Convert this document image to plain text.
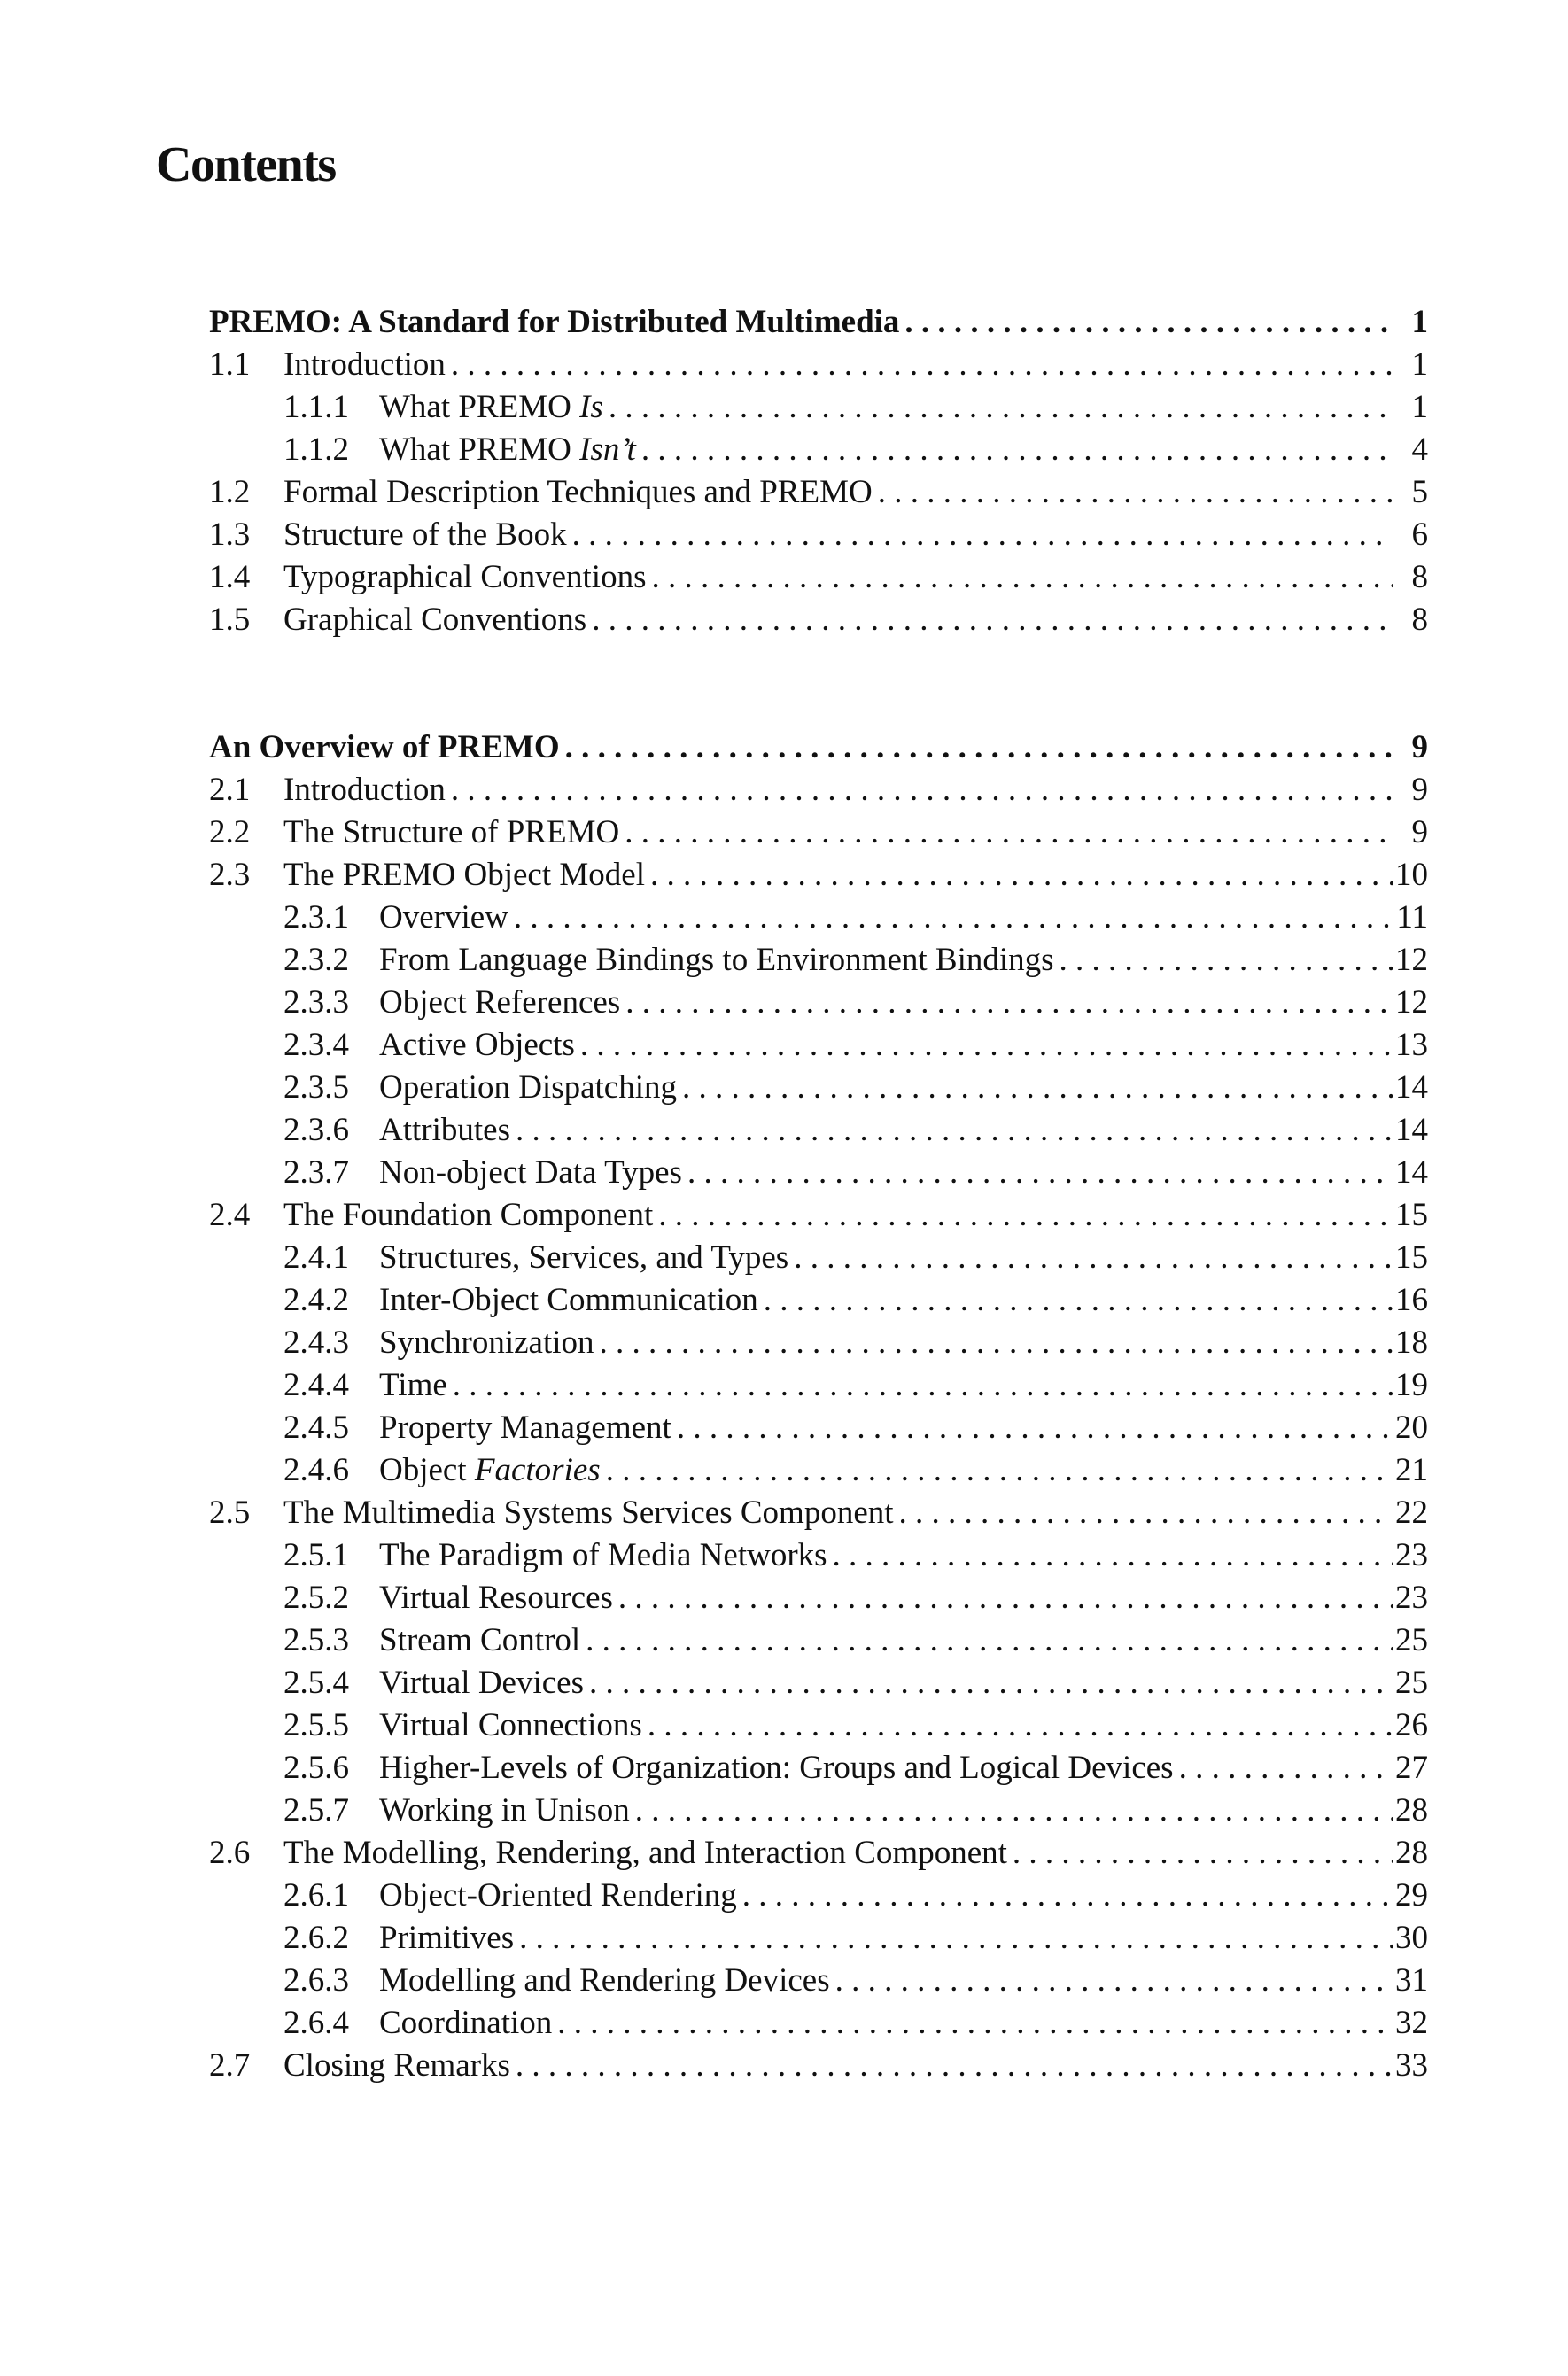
Contents
PREMO: A Standard for Distributed Multimedia . . .	1
1.1	Introduction . . .	1
1.1.1 What PREMO Is . . .	1
1.1.2 What PREMO Isn’t . . .	4
1.2	Formal Description Techniques and PREMO . . .	5
1.3	Structure of the Book . . .	6
1.4	Typographical Conventions . . .	8
1.5	Graphical Conventions . . .	8
An Overview of PREMO . . .	9
2.1	Introduction . . .	9
2.2	The Structure of PREMO . . .	9
2.3	The PREMO Object Model . . .	10
2.3.1 Overview . . .	11
2.3.2 From Language Bindings to Environment Bindings . . .	12
2.3.3 Object References . . .	12
2.3.4 Active Objects . . .	13
2.3.5 Operation Dispatching . . .	14
2.3.6 Attributes . . .	14
2.3.7 Non-object Data Types . . .	14
2.4	The Foundation Component . . .	15
2.4.1 Structures, Services, and Types . . .	15
2.4.2 Inter-Object Communication . . .	16
2.4.3 Synchronization . . .	18
2.4.4 Time . . .	19
2.4.5 Property Management . . .	20
2.4.6 Object Factories . . .	21
2.5	The Multimedia Systems Services Component . . .	22
2.5.1 The Paradigm of Media Networks . . .	23
2.5.2 Virtual Resources . . .	23
2.5.3 Stream Control . . .	25
2.5.4 Virtual Devices . . .	25
2.5.5 Virtual Connections . . .	26
2.5.6 Higher-Levels of Organization: Groups and Logical Devices . . .	27
2.5.7 Working in Unison . . .	28
2.6	The Modelling, Rendering, and Interaction Component . . .	28
2.6.1 Object-Oriented Rendering . . .	29
2.6.2 Primitives . . .	30
2.6.3 Modelling and Rendering Devices . . .	31
2.6.4 Coordination . . .	32
2.7	Closing Remarks . . .	33
